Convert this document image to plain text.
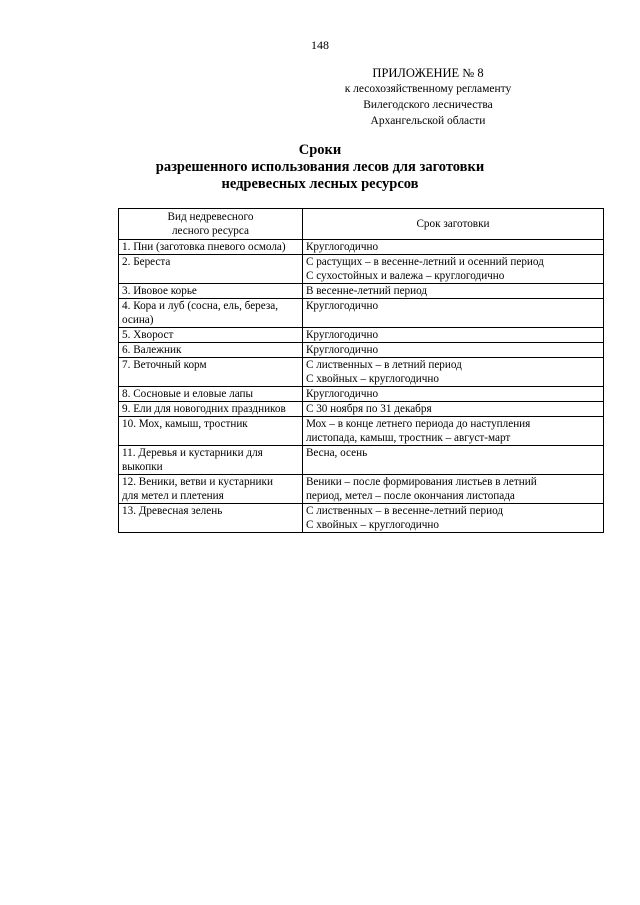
148
ПРИЛОЖЕНИЕ № 8
к лесохозяйственному регламенту
Вилегодского лесничества
Архангельской области
Сроки
разрешенного использования лесов для заготовки
недревесных лесных ресурсов
Вид недревесного
лесного ресурса	Срок заготовки

1. Пни (заготовка пневого осмола)	Круглогодично

2. Береста	С растущих – в весенне-летний и осенний период
С сухостойных и валежа – круглогодично

3. Ивовое корье	В весенне-летний период

4. Кора и луб (сосна, ель, береза,
осина)	Круглогодично

5. Хворост	Круглогодично

6. Валежник	Круглогодично

7. Веточный корм	С лиственных – в летний период
С хвойных – круглогодично

8. Сосновые и еловые лапы	Круглогодично

9. Ели для новогодних праздников	С 30 ноября по 31 декабря

10. Мох, камыш, тростник	Мох – в конце летнего периода до наступления
листопада, камыш, тростник – август-март

11. Деревья и кустарники для
выкопки	Весна, осень

12. Веники, ветви и кустарники
для метел и плетения	Веники – после формирования листьев в летний
период, метел – после окончания листопада

13. Древесная зелень	С лиственных – в весенне-летний период
С хвойных – круглогодично
